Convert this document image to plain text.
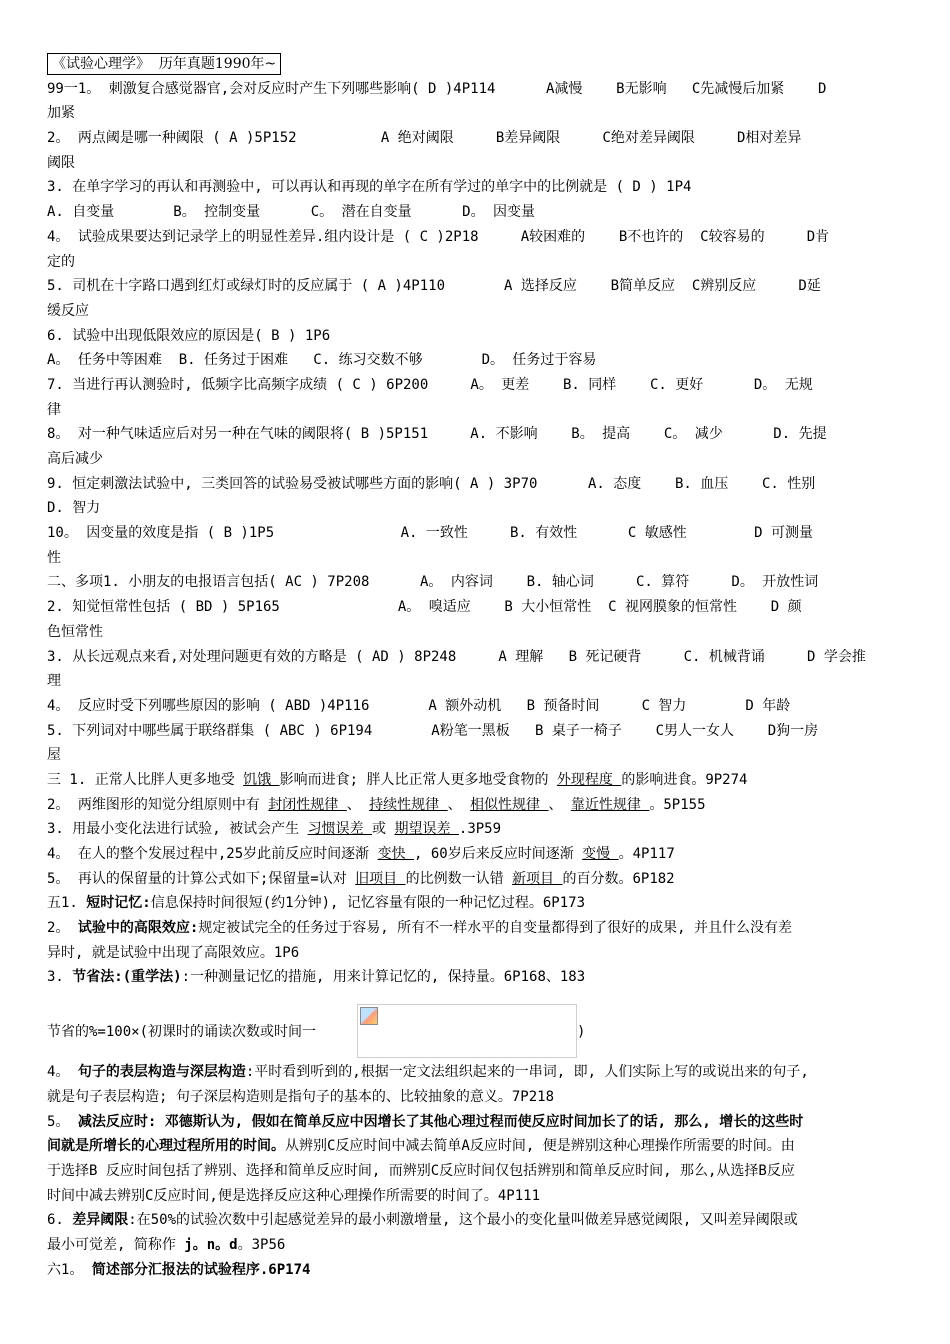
《试验心理学》  历年真题1990年~
99一1。 刺激复合感觉器官,会对反应时产生下列哪些影响( D )4P114      A减慢    B无影响   C先减慢后加紧    D
加紧
2。 两点阈是哪一种阈限 ( A )5P152          A 绝对阈限     B差异阈限     C绝对差异阈限     D相对差异
阈限
3. 在单字学习的再认和再测验中, 可以再认和再现的单字在所有学过的单字中的比例就是 ( D ) 1P4
A. 自变量       B。 控制变量      C。 潜在自变量      D。 因变量
4。 试验成果要达到记录学上的明显性差异.组内设计是 ( C )2P18     A较困难的    B不也许的  C较容易的     D肯
定的
5. 司机在十字路口遇到红灯或绿灯时的反应属于 ( A )4P110       A 选择反应    B简单反应  C辨别反应     D延
缓反应
6. 试验中出现低限效应的原因是( B ) 1P6
A。 任务中等困难  B. 任务过于困难   C. 练习交数不够       D。 任务过于容易
7. 当进行再认测验时, 低频字比高频字成绩 ( C ) 6P200     A。 更差    B. 同样    C. 更好      D。 无规
律
8。 对一种气味适应后对另一种在气味的阈限将( B )5P151     A. 不影响    B。 提高    C。 减少      D. 先提
高后减少
9. 恒定刺激法试验中, 三类回答的试验易受被试哪些方面的影响( A ) 3P70      A. 态度    B. 血压    C. 性别
D. 智力
10。 因变量的效度是指 ( B )1P5               A. 一致性     B. 有效性      C 敏感性        D 可测量
性
二、多项1. 小朋友的电报语言包括( AC ) 7P208      A。 内容词    B. 轴心词     C. 算符     D。 开放性词
2. 知觉恒常性包括 ( BD ) 5P165              A。 嗅适应    B 大小恒常性  C 视网膜象的恒常性    D 颜
色恒常性
3. 从长远观点来看,对处理问题更有效的方略是 ( AD ) 8P248     A 理解   B 死记硬背     C. 机械背诵     D 学会推
理
4。 反应时受下列哪些原因的影响 ( ABD )4P116       A 额外动机   B 预备时间     C 智力       D 年龄
5. 下列词对中哪些属于联络群集 ( ABC ) 6P194       A粉笔一黑板   B 桌子一椅子    C男人一女人    D狗一房
屋
三 1. 正常人比胖人更多地受 饥饿 影响而进食; 胖人比正常人更多地受食物的 外现程度 的影响进食。9P274
2。 两维图形的知觉分组原则中有 封闭性规律 、 持续性规律 、 相似性规律 、 靠近性规律 。5P155
3. 用最小变化法进行试验, 被试会产生 习惯误差 或 期望误差 .3P59
4。 在人的整个发展过程中,25岁此前反应时间逐渐 变快 , 60岁后来反应时间逐渐 变慢 。4P117
5。 再认的保留量的计算公式如下;保留量=认对 旧项目 的比例数一认错 新项目 的百分数。6P182
五1. 短时记忆:信息保持时间很短(约1分钟), 记忆容量有限的一种记忆过程。6P173
2。 试验中的高限效应:规定被试完全的任务过于容易, 所有不一样水平的自变量都得到了很好的成果, 并且什么没有差
异时, 就是试验中出现了高限效应。1P6
3. 节省法:(重学法):一种测量记忆的措施, 用来计算记忆的, 保持量。6P168、183
节省的%=100×(初课时的诵读次数或时间一	)
4。 句子的表层构造与深层构造:平时看到听到的,根据一定文法组织起来的一串词, 即, 人们实际上写的或说出来的句子,
就是句子表层构造; 句子深层构造则是指句子的基本的、比较抽象的意义。7P218
5。 减法反应时: 邓德斯认为, 假如在简单反应中因增长了其他心理过程而使反应时间加长了的话, 那么, 增长的这些时
间就是所增长的心理过程所用的时间。从辨别C反应时间中减去简单A反应时间, 便是辨别这种心理操作所需要的时间。由
于选择B 反应时间包括了辨别、选择和简单反应时间, 而辨别C反应时间仅包括辨别和简单反应时间, 那么,从选择B反应
时间中减去辨别C反应时间,便是选择反应这种心理操作所需要的时间了。4P111
6. 差异阈限:在50%的试验次数中引起感觉差异的最小刺激增量, 这个最小的变化量叫做差异感觉阈限, 又叫差异阈限或
最小可觉差, 简称作 j。n。d。3P56
六1。 简述部分汇报法的试验程序.6P174
